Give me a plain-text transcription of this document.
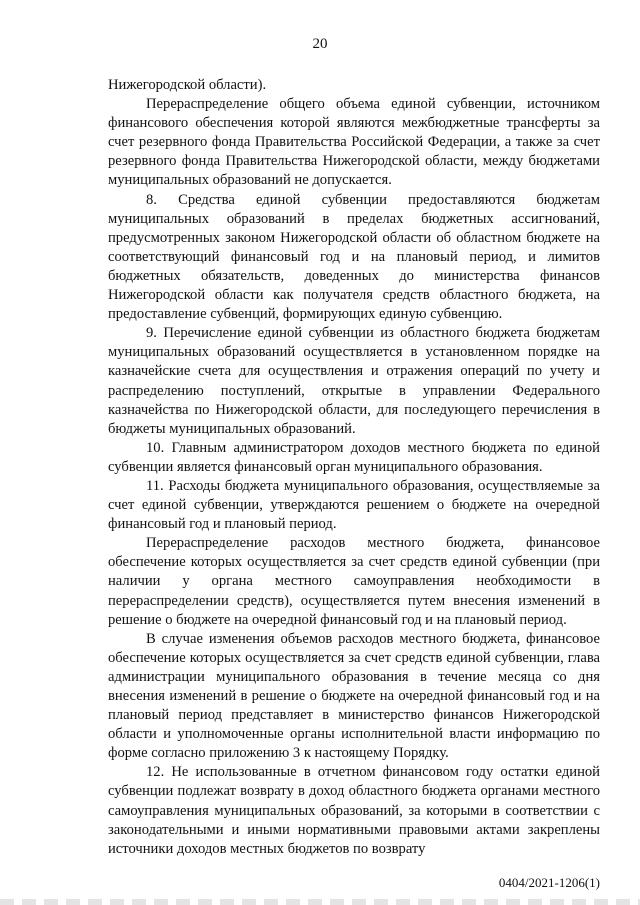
20

Нижегородской области).

Перераспределение общего объема единой субвенции, источником финансового обеспечения которой являются межбюджетные трансферты за счет резервного фонда Правительства Российской Федерации, а также за счет резервного фонда Правительства Нижегородской области, между бюджетами муниципальных образований не допускается.

8. Средства единой субвенции предоставляются бюджетам муниципальных образований в пределах бюджетных ассигнований, предусмотренных законом Нижегородской области об областном бюджете на соответствующий финансовый год и на плановый период, и лимитов бюджетных обязательств, доведенных до министерства финансов Нижегородской области как получателя средств областного бюджета, на предоставление субвенций, формирующих единую субвенцию.

9. Перечисление единой субвенции из областного бюджета бюджетам муниципальных образований осуществляется в установленном порядке на казначейские счета для осуществления и отражения операций по учету и распределению поступлений, открытые в управлении Федерального казначейства по Нижегородской области, для последующего перечисления в бюджеты муниципальных образований.

10. Главным администратором доходов местного бюджета по единой субвенции является финансовый орган муниципального образования.

11. Расходы бюджета муниципального образования, осуществляемые за счет единой субвенции, утверждаются решением о бюджете на очередной финансовый год и плановый период.

Перераспределение расходов местного бюджета, финансовое обеспечение которых осуществляется за счет средств единой субвенции (при наличии у органа местного самоуправления необходимости в перераспределении средств), осуществляется путем внесения изменений в решение о бюджете на очередной финансовый год и на плановый период.

В случае изменения объемов расходов местного бюджета, финансовое обеспечение которых осуществляется за счет средств единой субвенции, глава администрации муниципального образования в течение месяца со дня внесения изменений в решение о бюджете на очередной финансовый год и на плановый период представляет в министерство финансов Нижегородской области и уполномоченные органы исполнительной власти информацию по форме согласно приложению 3 к настоящему Порядку.

12. Не использованные в отчетном финансовом году остатки единой субвенции подлежат возврату в доход областного бюджета органами местного самоуправления муниципальных образований, за которыми в соответствии с законодательными и иными нормативными правовыми актами закреплены источники доходов местных бюджетов по возврату

0404/2021-1206(1)
